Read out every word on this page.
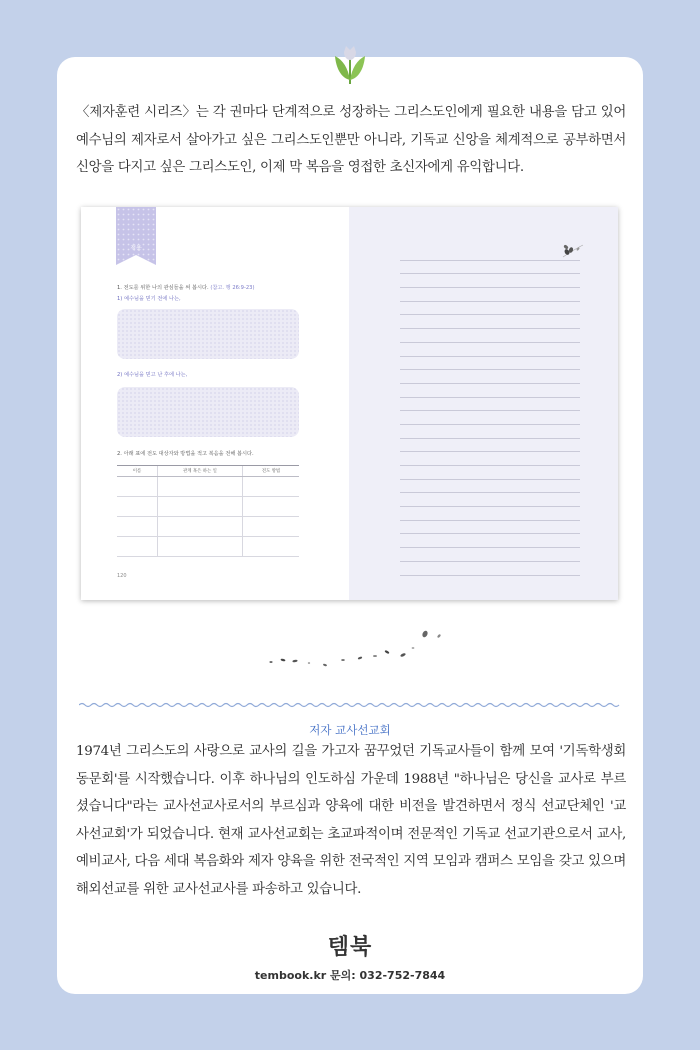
〈제자훈련 시리즈〉는 각 권마다 단계적으로 성장하는 그리스도인에게 필요한 내용을 담고 있어 예수님의 제자로서 살아가고 싶은 그리스도인뿐만 아니라, 기독교 신앙을 체계적으로 공부하면서 신앙을 다지고 싶은 그리스도인, 이제 막 복음을 영접한 초신자에게 유익합니다.

적용
1. 전도를 위한 나의 관심들을 써 봅시다. (참고. 행 26:9-23)
1) 예수님을 믿기 전에 나는,
2) 예수님을 믿고 난 후에 나는,
2. 아래 표에 전도 대상자와 방법을 적고 복음을 전해 봅시다.
이름	관계 혹은 하는 일	전도 방법

120
저자 교사선교회

1974년 그리스도의 사랑으로 교사의 길을 가고자 꿈꾸었던 기독교사들이 함께 모여 '기독학생회동문회'를 시작했습니다. 이후 하나님의 인도하심 가운데 1988년 "하나님은 당신을 교사로 부르셨습니다"라는 교사선교사로서의 부르심과 양육에 대한 비전을 발견하면서 정식 선교단체인 '교사선교회'가 되었습니다. 현재 교사선교회는 초교파적이며 전문적인 기독교 선교기관으로서 교사, 예비교사, 다음 세대 복음화와 제자 양육을 위한 전국적인 지역 모임과 캠퍼스 모임을 갖고 있으며 해외선교를 위한 교사선교사를 파송하고 있습니다.

템북
tembook.kr 문의: 032-752-7844
